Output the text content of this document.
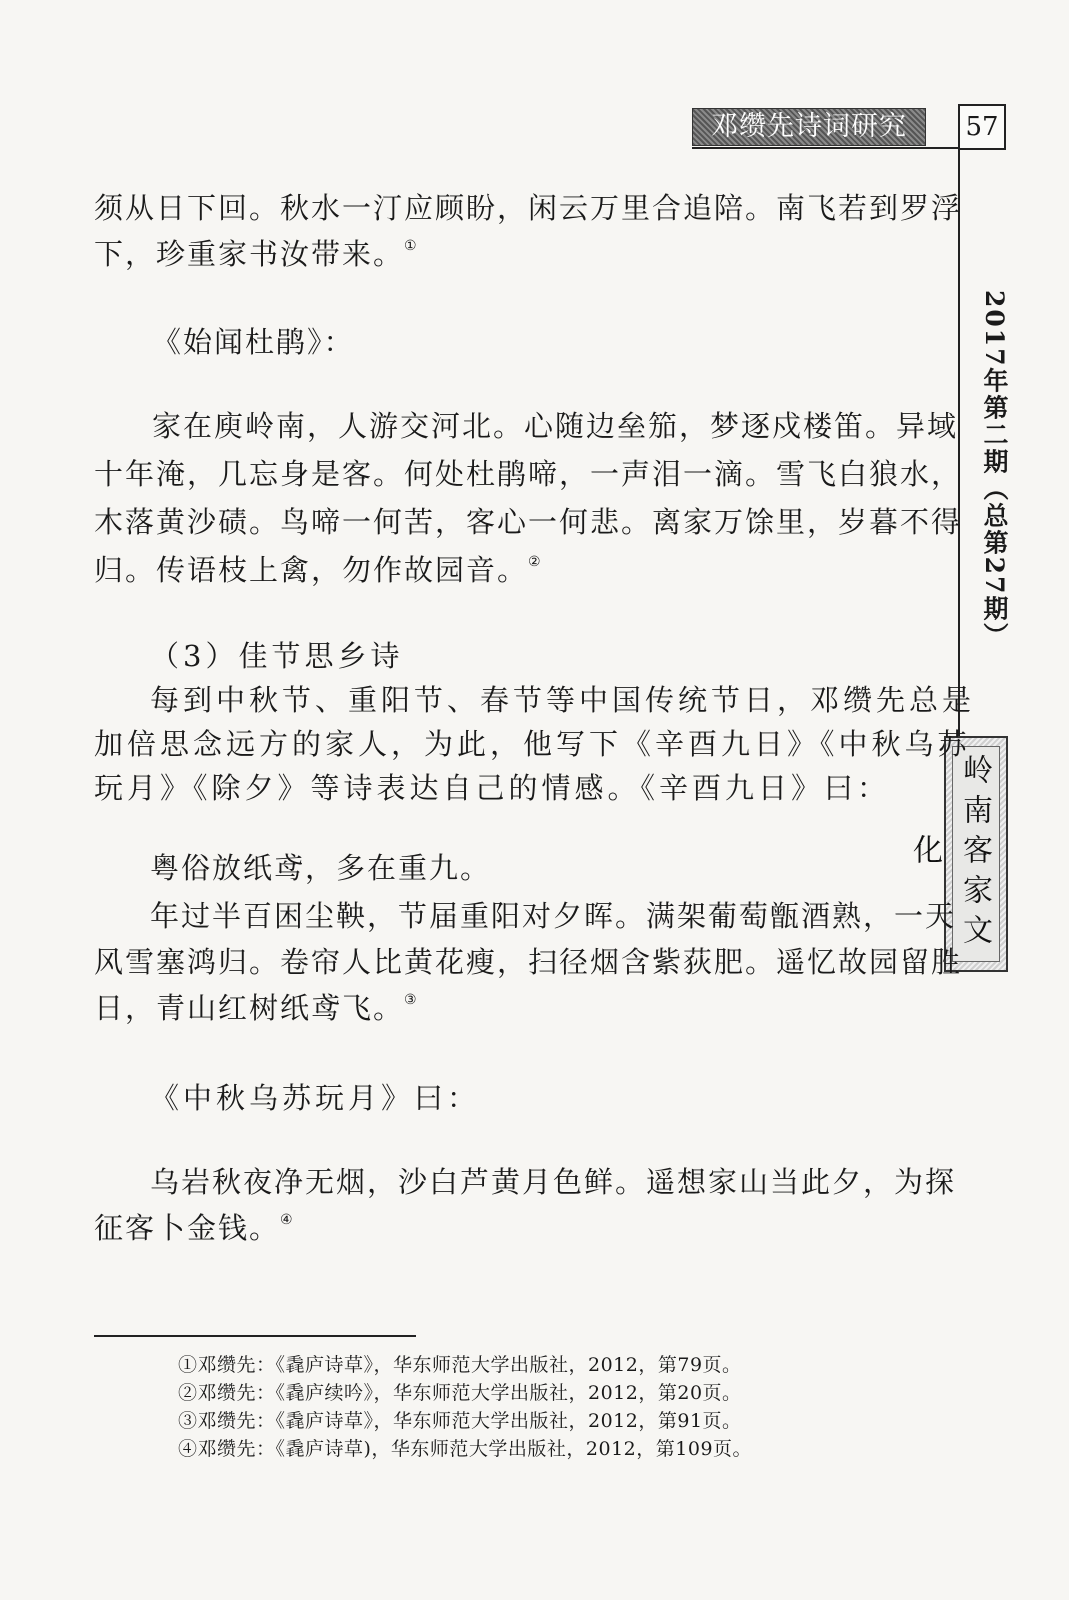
邓缵先诗词研究	57
2017年第二期（总第27期）
岭南客家文化
须从日下回。秋水一汀应顾盼，闲云万里合追陪。南飞若到罗浮
下，珍重家书汝带来。①
《始闻杜鹃》：
家在庾岭南，人游交河北。心随边垒笳，梦逐戍楼笛。异域
十年淹，几忘身是客。何处杜鹃啼，一声泪一滴。雪飞白狼水，
木落黄沙碛。鸟啼一何苦，客心一何悲。离家万馀里，岁暮不得
归。传语枝上禽，勿作故园音。②
（3）佳节思乡诗
每到中秋节、重阳节、春节等中国传统节日，邓缵先总是
加倍思念远方的家人，为此，他写下《辛酉九日》《中秋乌苏
玩月》《除夕》等诗表达自己的情感。《辛酉九日》曰：
粤俗放纸鸢，多在重九。
年过半百困尘鞅，节届重阳对夕晖。满架葡萄甑酒熟，一天
风雪塞鸿归。卷帘人比黄花瘦，扫径烟含紫荻肥。遥忆故园留胜
日，青山红树纸鸢飞。③
《中秋乌苏玩月》曰：
乌岩秋夜净无烟，沙白芦黄月色鲜。遥想家山当此夕，为探
征客卜金钱。④
①邓缵先：《毳庐诗草》，华东师范大学出版社，2012，第79页。
②邓缵先：《毳庐续吟》，华东师范大学出版社，2012，第20页。
③邓缵先：《毳庐诗草》，华东师范大学出版社，2012，第91页。
④邓缵先：《毳庐诗草)，华东师范大学出版社，2012，第109页。
